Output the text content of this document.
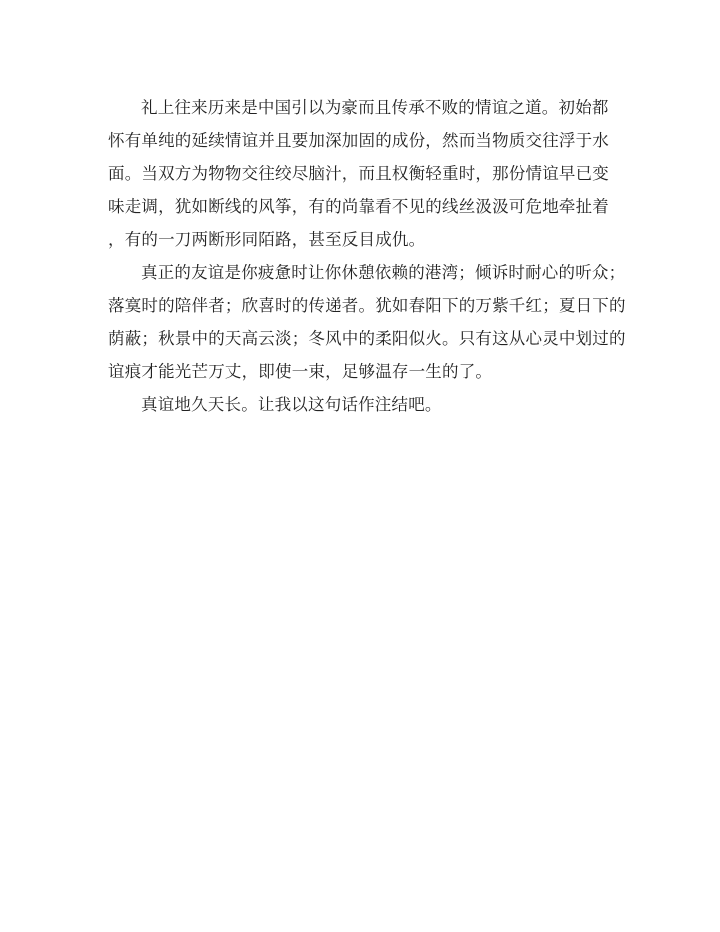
礼上往来历来是中国引以为豪而且传承不败的情谊之道。初始都
怀有单纯的延续情谊并且要加深加固的成份，然而当物质交往浮于水
面。当双方为物物交往绞尽脑汁，而且权衡轻重时，那份情谊早已变
味走调，犹如断线的风筝，有的尚靠看不见的线丝汲汲可危地牵扯着
，有的一刀两断形同陌路，甚至反目成仇。

真正的友谊是你疲惫时让你休憩依赖的港湾；倾诉时耐心的听众；
落寞时的陪伴者；欣喜时的传递者。犹如春阳下的万紫千红；夏日下的
荫蔽；秋景中的天高云淡；冬风中的柔阳似火。只有这从心灵中划过的
谊痕才能光芒万丈，即使一束，足够温存一生的了。

真谊地久天长。让我以这句话作注结吧。
